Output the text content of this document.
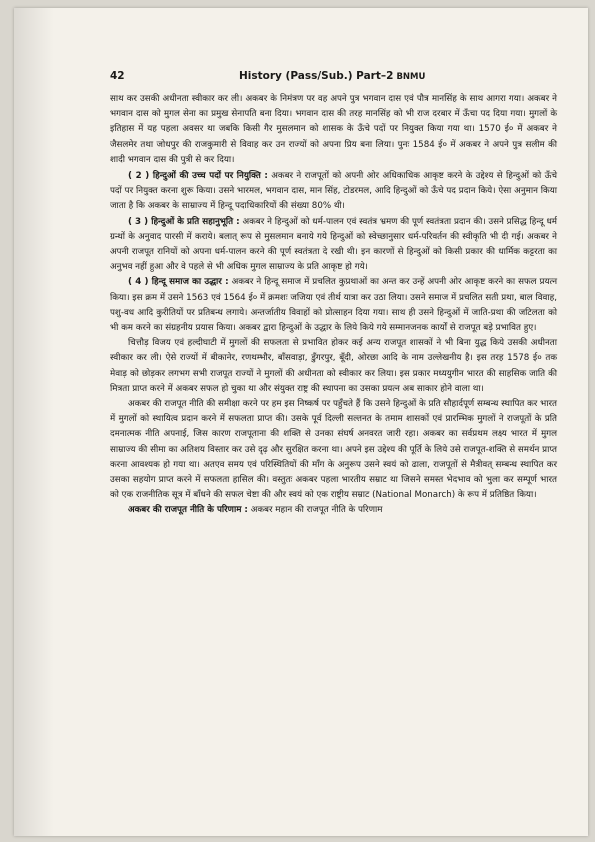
42	History (Pass/Sub.) Part–2 BNMU

साथ कर उसकी अधीनता स्वीकार कर ली। अकबर के निमंत्रण पर वह अपने पुत्र भगवान दास एवं पौत्र मानसिंह के साथ आगरा गया। अकबर ने भगवान दास को मुगल सेना का प्रमुख सेनापति बना दिया। भगवान दास की तरह मानसिंह को भी राज दरबार में ऊँचा पद दिया गया। मुगलों के इतिहास में यह पहला अवसर था जबकि किसी गैर मुसलमान को शासक के ऊँचे पदों पर नियुक्त किया गया था। 1570 ई० में अकबर ने जैसलमेर तथा जोधपुर की राजकुमारी से विवाह कर उन राज्यों को अपना प्रिय बना लिया। पुनः 1584 ई० में अकबर ने अपने पुत्र सलीम की शादी भगवान दास की पुत्री से कर दिया।

( 2 ) हिन्दुओं की उच्च पदों पर नियुक्ति : अकबर ने राजपूतों को अपनी ओर अधिकाधिक आकृष्ट करने के उद्देश्य से हिन्दुओं को ऊँचे पदों पर नियुक्त करना शुरू किया। उसने भारमल, भगवान दास, मान सिंह, टोडरमल, आदि हिन्दुओं को ऊँचे पद प्रदान किये। ऐसा अनुमान किया जाता है कि अकबर के साम्राज्य में हिन्दू पदाधिकारियों की संख्या 80% थी।

( 3 ) हिन्दुओं के प्रति सहानुभूति : अकबर ने हिन्दुओं को धर्म-पालन एवं स्वतंत्र भ्रमण की पूर्ण स्वतंत्रता प्रदान की। उसने प्रसिद्ध हिन्दू धर्म ग्रन्थों के अनुवाद पारसी में कराये। बलात् रूप से मुसलमान बनाये गये हिन्दुओं को स्वेच्छानुसार धर्म-परिवर्तन की स्वीकृति भी दी गई। अकबर ने अपनी राजपूत रानियों को अपना धर्म-पालन करने की पूर्ण स्वतंत्रता दे रखी थी। इन कारणों से हिन्दुओं को किसी प्रकार की धार्मिक कट्टरता का अनुभव नहीं हुआ और वे पहले से भी अधिक मुगल साम्राज्य के प्रति आकृष्ट हो गये।

( 4 ) हिन्दू समाज का उद्धार : अकबर ने हिन्दू समाज में प्रचलित कुप्रथाओं का अन्त कर उन्हें अपनी ओर आकृष्ट करने का सफल प्रयत्न किया। इस क्रम में उसने 1563 एवं 1564 ई० में क्रमशः जजिया एवं तीर्थ यात्रा कर उठा लिया। उसने समाज में प्रचलित सती प्रथा, बाल विवाह, पशु-वध आदि कुरीतियों पर प्रतिबन्ध लगाये। अन्तर्जातीय विवाहों को प्रोत्साहन दिया गया। साथ ही उसने हिन्दुओं में जाति-प्रथा की जटिलता को भी कम करने का संग्रहनीय प्रयास किया। अकबर द्वारा हिन्दुओं के उद्धार के लिये किये गये सम्मानजनक कार्यों से राजपूत बड़े प्रभावित हुए।

चित्तौड़ विजय एवं हल्दीघाटी में मुगलों की सफलता से प्रभावित होकर कई अन्य राजपूत शासकों ने भी बिना युद्ध किये उसकी अधीनता स्वीकार कर ली। ऐसे राज्यों में बीकानेर, रणथम्भौर, बाँसवाड़ा, डुँगरपुर, बूँदी, ओरछा आदि के नाम उल्लेखनीय है। इस तरह 1578 ई० तक मेवाड़ को छोड़कर लगभग सभी राजपूत राज्यों ने मुगलों की अधीनता को स्वीकार कर लिया। इस प्रकार मध्ययुगीन भारत की साहसिक जाति की मित्रता प्राप्त करने में अकबर सफल हो चुका था और संयुक्त राष्ट्र की स्थापना का उसका प्रयत्न अब साकार होने वाला था।

अकबर की राजपूत नीति की समीक्षा करने पर हम इस निष्कर्ष पर पहुँचते हैं कि उसने हिन्दुओं के प्रति सौहार्दपूर्ण सम्बन्ध स्थापित कर भारत में मुगलों को स्थायित्व प्रदान करने में सफलता प्राप्त की। उसके पूर्व दिल्ली सल्तनत के तमाम शासकों एवं प्रारम्भिक मुगलों ने राजपूतों के प्रति दमनात्मक नीति अपनाई, जिस कारण राजपूताना की शक्ति से उनका संघर्ष अनवरत जारी रहा। अकबर का सर्वप्रथम लक्ष्य भारत में मुगल साम्राज्य की सीमा का अतिशय विस्तार कर उसे दृढ़ और सुरक्षित करना था। अपने इस उद्देश्य की पूर्ति के लिये उसे राजपूत-शक्ति से समर्थन प्राप्त करना आवश्यक हो गया था। अतएव समय एवं परिस्थितियों की माँग के अनुरूप उसने स्वयं को ढाला, राजपूतों से मैत्रीवत् सम्बन्ध स्थापित कर उसका सहयोग प्राप्त करने में सफलता हासिल की। वस्तुतः अकबर पहला भारतीय सम्राट था जिसने समस्त भेदभाव को भुला कर सम्पूर्ण भारत को एक राजनीतिक सूत्र में बाँधने की सफल चेष्टा की और स्वयं को एक राष्ट्रीय सम्राट (National Monarch) के रूप में प्रतिष्ठित किया।

अकबर की राजपूत नीति के परिणाम : अकबर महान की राजपूत नीति के परिणाम
